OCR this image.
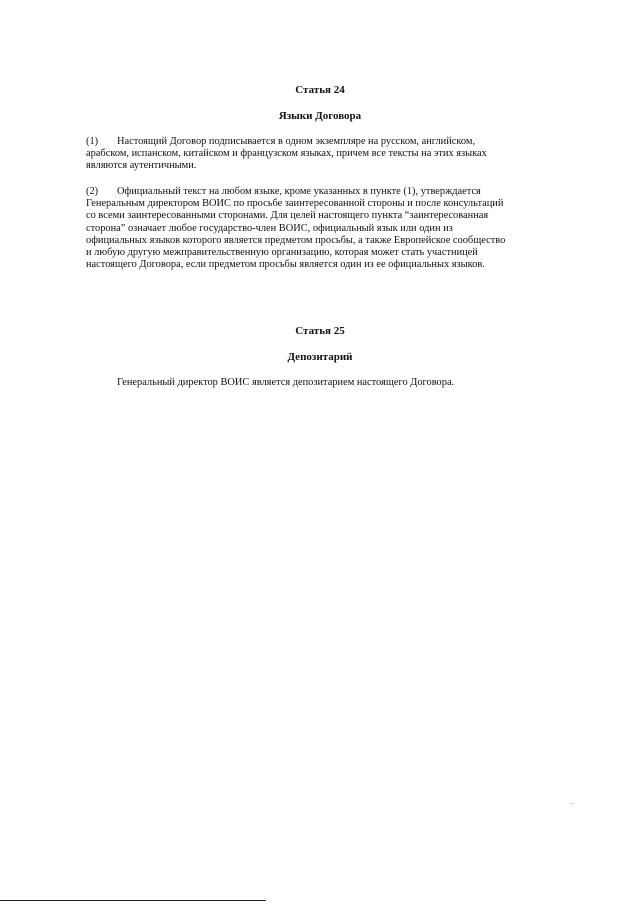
Статья 24
Языки Договора
(1) Настоящий Договор подписывается в одном экземпляре на русском, английском,
арабском, испанском, китайском и французском языках, причем все тексты на этих языках
являются аутентичными.
(2) Официальный текст на любом языке, кроме указанных в пункте (1), утверждается
Генеральным директором ВОИС по просьбе заинтересованной стороны и после консультаций
со всеми заинтересованными сторонами. Для целей настоящего пункта “заинтересованная
сторона” означает любое государство-член ВОИС, официальный язык или один из
официальных языков которого является предметом просьбы, а также Европейское сообщество
и любую другую межправительственную организацию, которая может стать участницей
настоящего Договора, если предметом просьбы является один из ее официальных языков.
Статья 25
Депозитарий
Генеральный директор ВОИС является депозитарием настоящего Договора.
